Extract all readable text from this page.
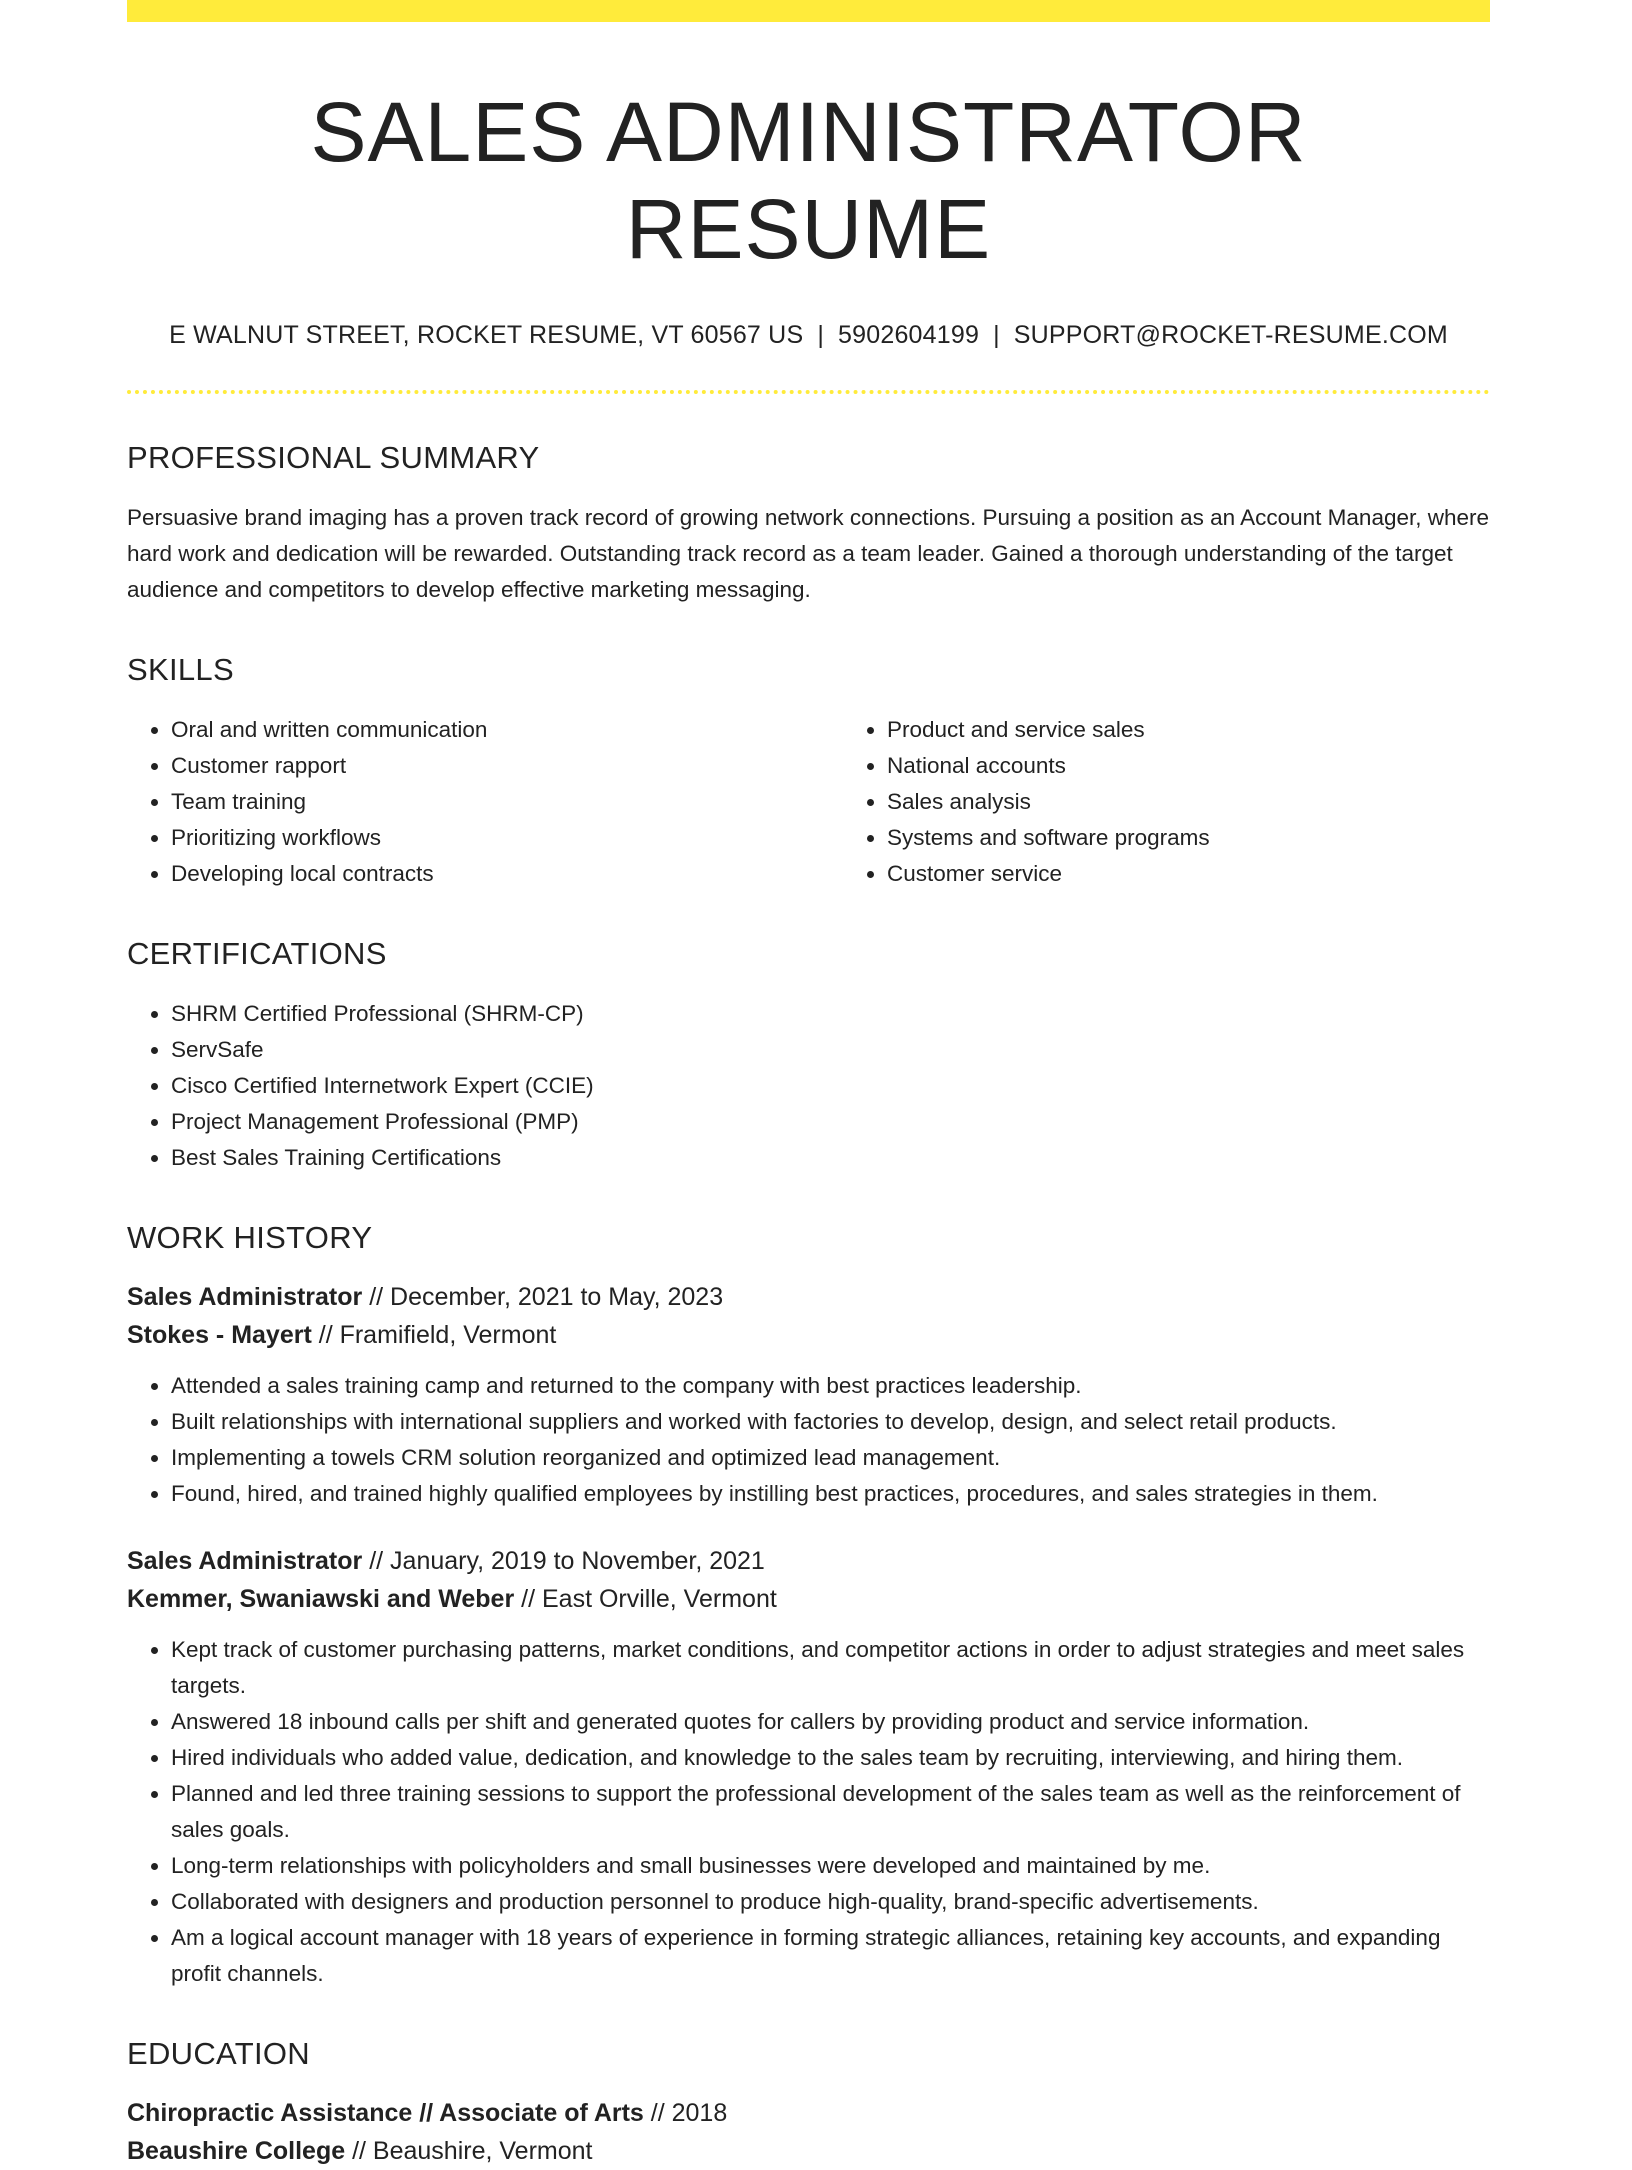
SALES ADMINISTRATOR RESUME
E WALNUT STREET, ROCKET RESUME, VT 60567 US | 5902604199 | SUPPORT@ROCKET-RESUME.COM
PROFESSIONAL SUMMARY

Persuasive brand imaging has a proven track record of growing network connections. Pursuing a position as an Account Manager, where hard work and dedication will be rewarded. Outstanding track record as a team leader. Gained a thorough understanding of the target audience and competitors to develop effective marketing messaging.

SKILLS
• Oral and written communication
• Customer rapport
• Team training
• Prioritizing workflows
• Developing local contracts
• Product and service sales
• National accounts
• Sales analysis
• Systems and software programs
• Customer service
CERTIFICATIONS
• SHRM Certified Professional (SHRM-CP)
• ServSafe
• Cisco Certified Internetwork Expert (CCIE)
• Project Management Professional (PMP)
• Best Sales Training Certifications
WORK HISTORY
Sales Administrator // December, 2021 to May, 2023
Stokes - Mayert // Framifield, Vermont
• Attended a sales training camp and returned to the company with best practices leadership.
• Built relationships with international suppliers and worked with factories to develop, design, and select retail products.
• Implementing a towels CRM solution reorganized and optimized lead management.
• Found, hired, and trained highly qualified employees by instilling best practices, procedures, and sales strategies in them.
Sales Administrator // January, 2019 to November, 2021
Kemmer, Swaniawski and Weber // East Orville, Vermont
• Kept track of customer purchasing patterns, market conditions, and competitor actions in order to adjust strategies and meet sales targets.
• Answered 18 inbound calls per shift and generated quotes for callers by providing product and service information.
• Hired individuals who added value, dedication, and knowledge to the sales team by recruiting, interviewing, and hiring them.
• Planned and led three training sessions to support the professional development of the sales team as well as the reinforcement of sales goals.
• Long-term relationships with policyholders and small businesses were developed and maintained by me.
• Collaborated with designers and production personnel to produce high-quality, brand-specific advertisements.
• Am a logical account manager with 18 years of experience in forming strategic alliances, retaining key accounts, and expanding profit channels.
EDUCATION
Chiropractic Assistance // Associate of Arts // 2018
Beaushire College // Beaushire, Vermont
